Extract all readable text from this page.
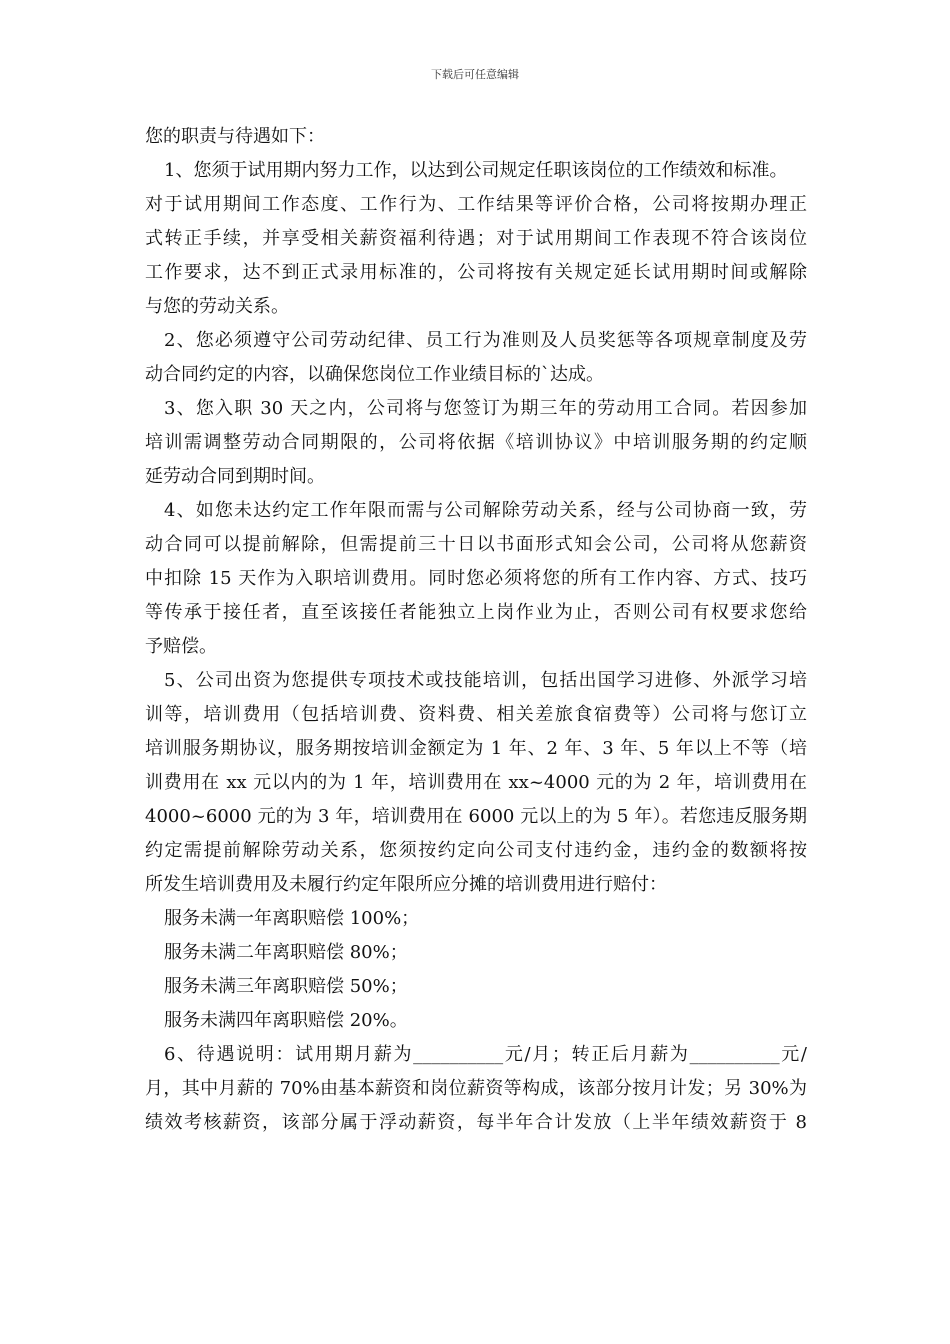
下载后可任意编辑
您的职责与待遇如下：
1、您须于试用期内努力工作，以达到公司规定任职该岗位的工作绩效和标准。
对于试用期间工作态度、工作行为、工作结果等评价合格，公司将按期办理正
式转正手续，并享受相关薪资福利待遇；对于试用期间工作表现不符合该岗位
工作要求，达不到正式录用标准的，公司将按有关规定延长试用期时间或解除
与您的劳动关系。
2、您必须遵守公司劳动纪律、员工行为准则及人员奖惩等各项规章制度及劳
动合同约定的内容，以确保您岗位工作业绩目标的`达成。
3、您入职 30 天之内，公司将与您签订为期三年的劳动用工合同。若因参加
培训需调整劳动合同期限的，公司将依据《培训协议》中培训服务期的约定顺
延劳动合同到期时间。
4、如您未达约定工作年限而需与公司解除劳动关系，经与公司协商一致，劳
动合同可以提前解除，但需提前三十日以书面形式知会公司，公司将从您薪资
中扣除 15 天作为入职培训费用。同时您必须将您的所有工作内容、方式、技巧
等传承于接任者，直至该接任者能独立上岗作业为止，否则公司有权要求您给
予赔偿。
5、公司出资为您提供专项技术或技能培训，包括出国学习进修、外派学习培
训等，培训费用（包括培训费、资料费、相关差旅食宿费等）公司将与您订立
培训服务期协议，服务期按培训金额定为 1 年、2 年、3 年、5 年以上不等（培
训费用在 xx 元以内的为 1 年，培训费用在 xx~4000 元的为 2 年，培训费用在
4000~6000 元的为 3 年，培训费用在 6000 元以上的为 5 年）。若您违反服务期
约定需提前解除劳动关系，您须按约定向公司支付违约金，违约金的数额将按
所发生培训费用及未履行约定年限所应分摊的培训费用进行赔付：
服务未满一年离职赔偿 100%；
服务未满二年离职赔偿 80%；
服务未满三年离职赔偿 50%；
服务未满四年离职赔偿 20%。
6、待遇说明：试用期月薪为__________元/月；转正后月薪为__________元/
月，其中月薪的 70%由基本薪资和岗位薪资等构成，该部分按月计发；另 30%为
绩效考核薪资，该部分属于浮动薪资，每半年合计发放（上半年绩效薪资于 8
